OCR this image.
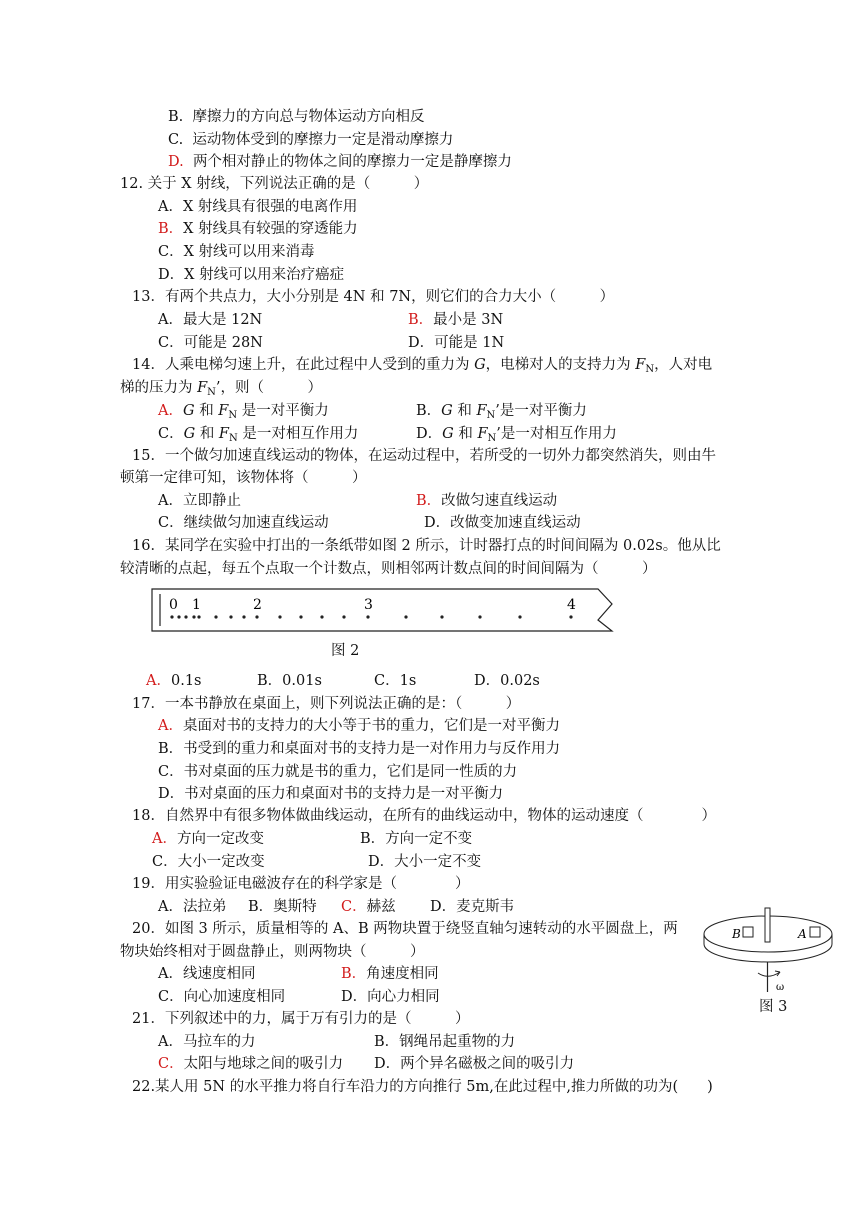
B. 摩擦力的方向总与物体运动方向相反
C. 运动物体受到的摩擦力一定是滑动摩擦力
D. 两个相对静止的物体之间的摩擦力一定是静摩擦力
12. 关于 X 射线，下列说法正确的是（　　　）
A．X 射线具有很强的电离作用
B．X 射线具有较强的穿透能力
C．X 射线可以用来消毒
D．X 射线可以用来治疗癌症
13．有两个共点力，大小分别是 4N 和 7N，则它们的合力大小（　　　）
A．最大是 12N	B．最小是 3N
C．可能是 28N	D．可能是 1N
14．人乘电梯匀速上升，在此过程中人受到的重力为 G，电梯对人的支持力为 $F_N$，人对电
梯的压力为 $F_N$’，则（　　　）
A．G 和 $F_N$ 是一对平衡力	B．G 和 $F_N$’是一对平衡力
C．G 和 $F_N$ 是一对相互作用力	D．G 和 $F_N$’是一对相互作用力
15．一个做匀加速直线运动的物体，在运动过程中，若所受的一切外力都突然消失，则由牛
顿第一定律可知，该物体将（　　　）
A．立即静止	B．改做匀速直线运动
C．继续做匀加速直线运动	D．改做变加速直线运动
16．某同学在实验中打出的一条纸带如图 2 所示，计时器打点的时间间隔为 0.02s。他从比
较清晰的点起，每五个点取一个计数点，则相邻两计数点间的时间间隔为（　　　）
0 1	2	3	4
图 2
A．0.1s	B．0.01s	C．1s	D．0.02s
17．一本书静放在桌面上，则下列说法正确的是：（　　　）
A．桌面对书的支持力的大小等于书的重力，它们是一对平衡力
B．书受到的重力和桌面对书的支持力是一对作用力与反作用力
C．书对桌面的压力就是书的重力，它们是同一性质的力
D．书对桌面的压力和桌面对书的支持力是一对平衡力
18．自然界中有很多物体做曲线运动，在所有的曲线运动中，物体的运动速度（　　　　）
A．方向一定改变	B．方向一定不变
C．大小一定改变	D．大小一定不变
19．用实验验证电磁波存在的科学家是（　　　　）
A．法拉弟 B．奥斯特 C．赫兹 D．麦克斯韦
20．如图 3 所示，质量相等的 A、B 两物块置于绕竖直轴匀速转动的水平圆盘上，两
物块始终相对于圆盘静止，则两物块（　　　）
A．线速度相同	B．角速度相同
C．向心加速度相同	D．向心力相同
B	A
ω
图 3
21．下列叙述中的力，属于万有引力的是（　　　）
A．马拉车的力	B．钢绳吊起重物的力
C．太阳与地球之间的吸引力 D．两个异名磁极之间的吸引力
22.某人用 5N 的水平推力将自行车沿力的方向推行 5m,在此过程中,推力所做的功为(　　)
